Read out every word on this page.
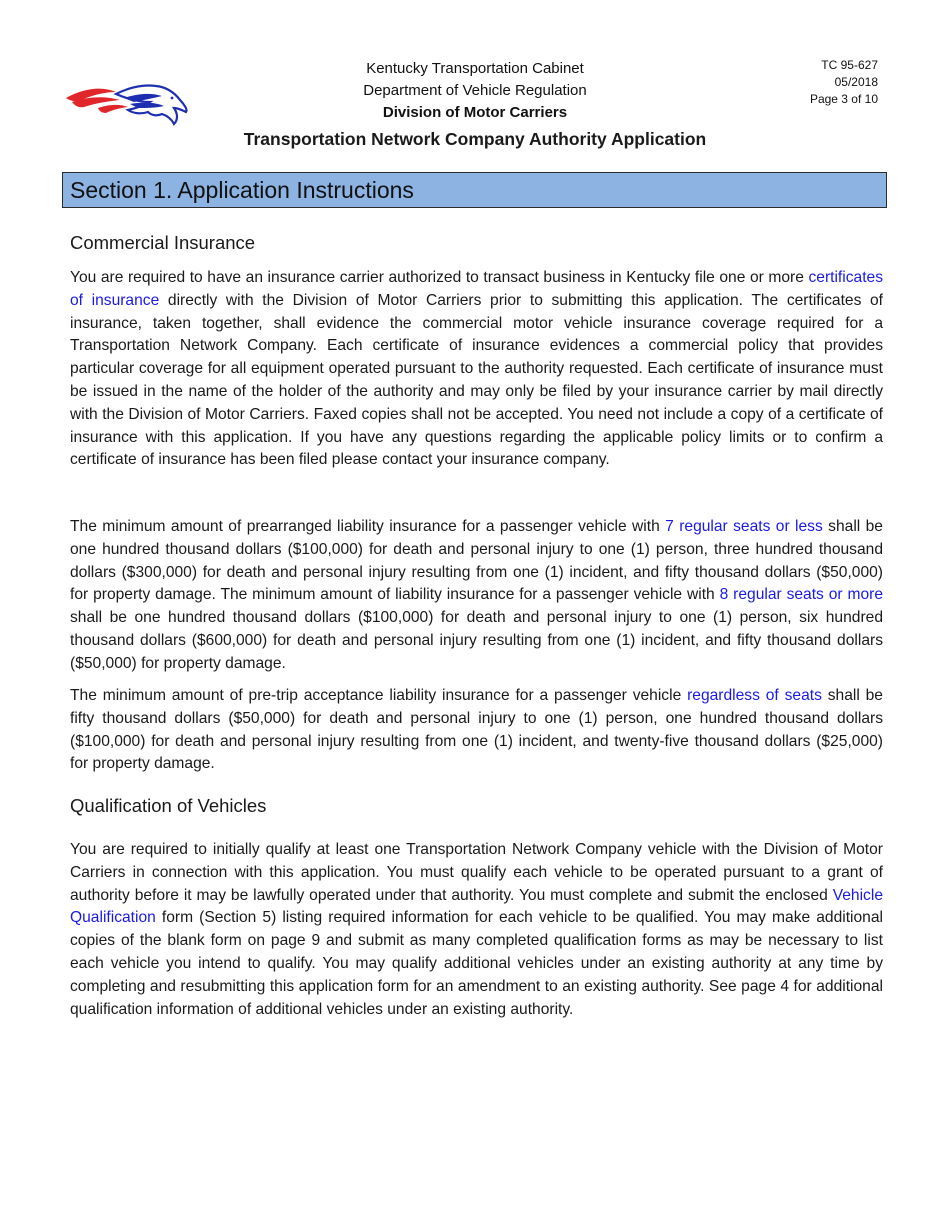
Kentucky Transportation Cabinet
Department of Vehicle Regulation
Division of Motor Carriers
Transportation Network Company Authority Application
TC 95-627
05/2018
Page 3 of 10
Section 1. Application Instructions
Commercial Insurance

You are required to have an insurance carrier authorized to transact business in Kentucky file one or more certificates of insurance directly with the Division of Motor Carriers prior to submitting this application. The certificates of insurance, taken together, shall evidence the commercial motor vehicle insurance coverage required for a Transportation Network Company. Each certificate of insurance evidences a commercial policy that provides particular coverage for all equipment operated pursuant to the authority requested. Each certificate of insurance must be issued in the name of the holder of the authority and may only be filed by your insurance carrier by mail directly with the Division of Motor Carriers. Faxed copies shall not be accepted. You need not include a copy of a certificate of insurance with this application. If you have any questions regarding the applicable policy limits or to confirm a certificate of insurance has been filed please contact your insurance company.

The minimum amount of prearranged liability insurance for a passenger vehicle with 7 regular seats or less shall be one hundred thousand dollars ($100,000) for death and personal injury to one (1) person, three hundred thousand dollars ($300,000) for death and personal injury resulting from one (1) incident, and fifty thousand dollars ($50,000) for property damage. The minimum amount of liability insurance for a passenger vehicle with 8 regular seats or more shall be one hundred thousand dollars ($100,000) for death and personal injury to one (1) person, six hundred thousand dollars ($600,000) for death and personal injury resulting from one (1) incident, and fifty thousand dollars ($50,000) for property damage.

The minimum amount of pre-trip acceptance liability insurance for a passenger vehicle regardless of seats shall be fifty thousand dollars ($50,000) for death and personal injury to one (1) person, one hundred thousand dollars ($100,000) for death and personal injury resulting from one (1) incident, and twenty-five thousand dollars ($25,000) for property damage.

Qualification of Vehicles

You are required to initially qualify at least one Transportation Network Company vehicle with the Division of Motor Carriers in connection with this application. You must qualify each vehicle to be operated pursuant to a grant of authority before it may be lawfully operated under that authority. You must complete and submit the enclosed Vehicle Qualification form (Section 5) listing required information for each vehicle to be qualified. You may make additional copies of the blank form on page 9 and submit as many completed qualification forms as may be necessary to list each vehicle you intend to qualify. You may qualify additional vehicles under an existing authority at any time by completing and resubmitting this application form for an amendment to an existing authority. See page 4 for additional qualification information of additional vehicles under an existing authority.
